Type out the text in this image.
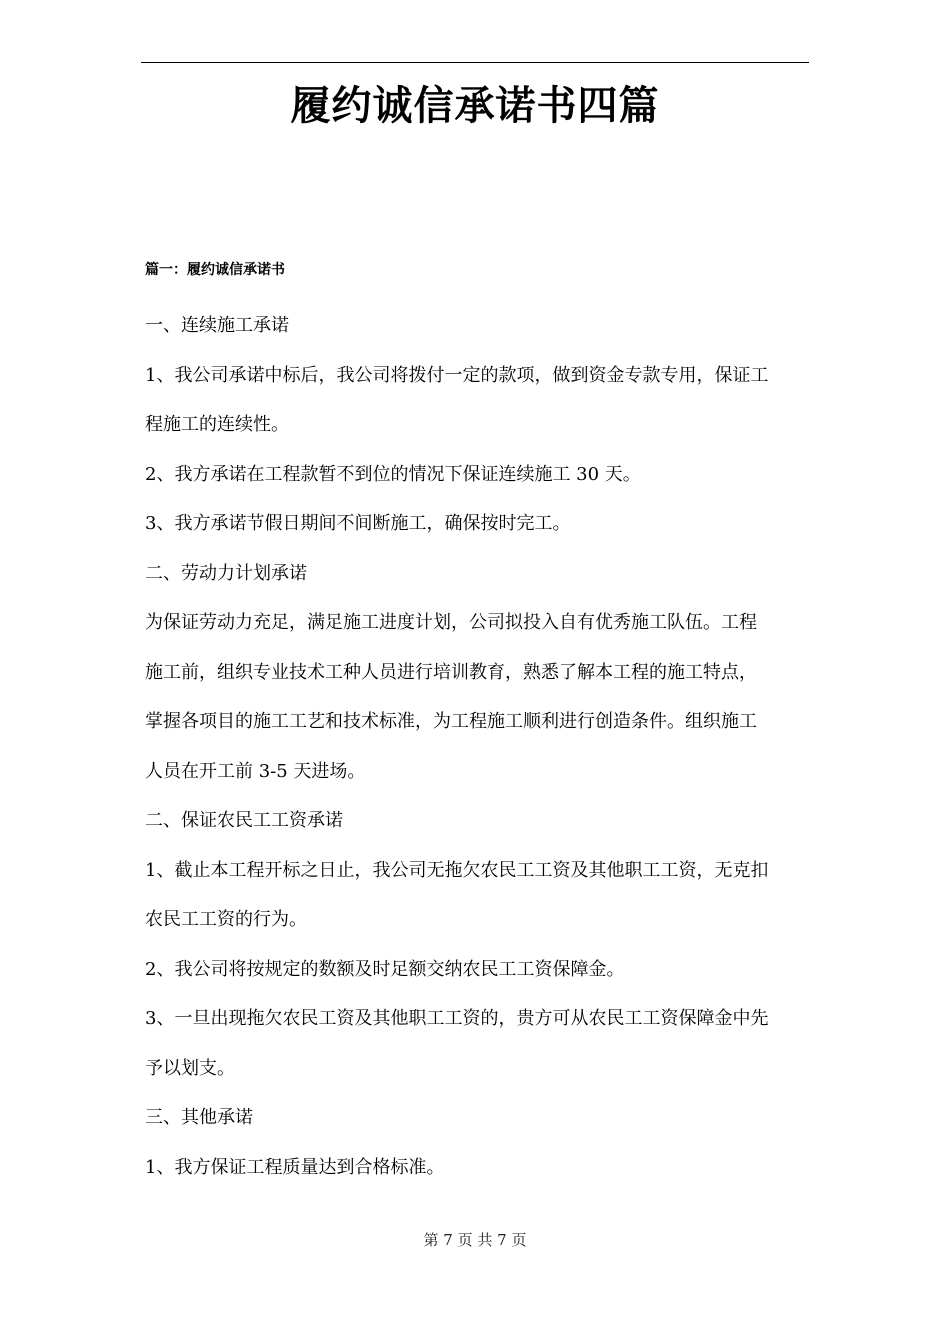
履约诚信承诺书四篇
篇一：履约诚信承诺书
一、连续施工承诺
1、我公司承诺中标后，我公司将拨付一定的款项，做到资金专款专用，保证工
程施工的连续性。
2、我方承诺在工程款暂不到位的情况下保证连续施工 30 天。
3、我方承诺节假日期间不间断施工，确保按时完工。
二、劳动力计划承诺
为保证劳动力充足，满足施工进度计划，公司拟投入自有优秀施工队伍。工程
施工前，组织专业技术工种人员进行培训教育，熟悉了解本工程的施工特点，
掌握各项目的施工工艺和技术标准，为工程施工顺利进行创造条件。组织施工
人员在开工前 3-5 天进场。
二、保证农民工工资承诺
1、截止本工程开标之日止，我公司无拖欠农民工工资及其他职工工资，无克扣
农民工工资的行为。
2、我公司将按规定的数额及时足额交纳农民工工资保障金。
3、一旦出现拖欠农民工资及其他职工工资的，贵方可从农民工工资保障金中先
予以划支。
三、其他承诺
1、我方保证工程质量达到合格标准。
第 7 页 共 7 页
